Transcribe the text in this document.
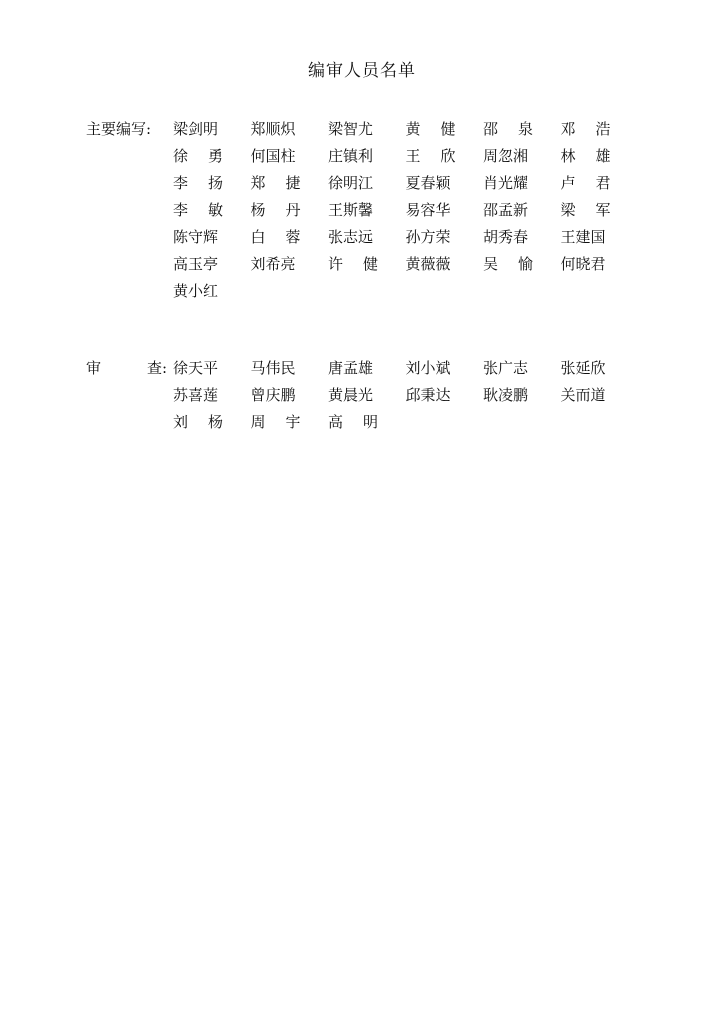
编审人员名单
主要编写:	梁剑明 郑顺炽 梁智尤 黄 健 邵 泉 邓 浩
徐 勇 何国柱 庄镇利 王 欣 周忽湘 林 雄
李 扬 郑 捷 徐明江 夏春颖 肖光耀 卢 君
李 敏 杨 丹 王斯馨 易容华 邵孟新 梁 军
陈守辉 白 蓉 张志远 孙方荣 胡秀春 王建国
高玉亭 刘希亮 许 健 黄薇薇 吴 愉 何晓君
黄小红
审	查 : 徐天平 马伟民 唐孟雄 刘小斌 张广志 张延欣
苏喜莲 曾庆鹏 黄晨光 邱秉达 耿凌鹏 关而道
刘 杨 周 宇 高 明
